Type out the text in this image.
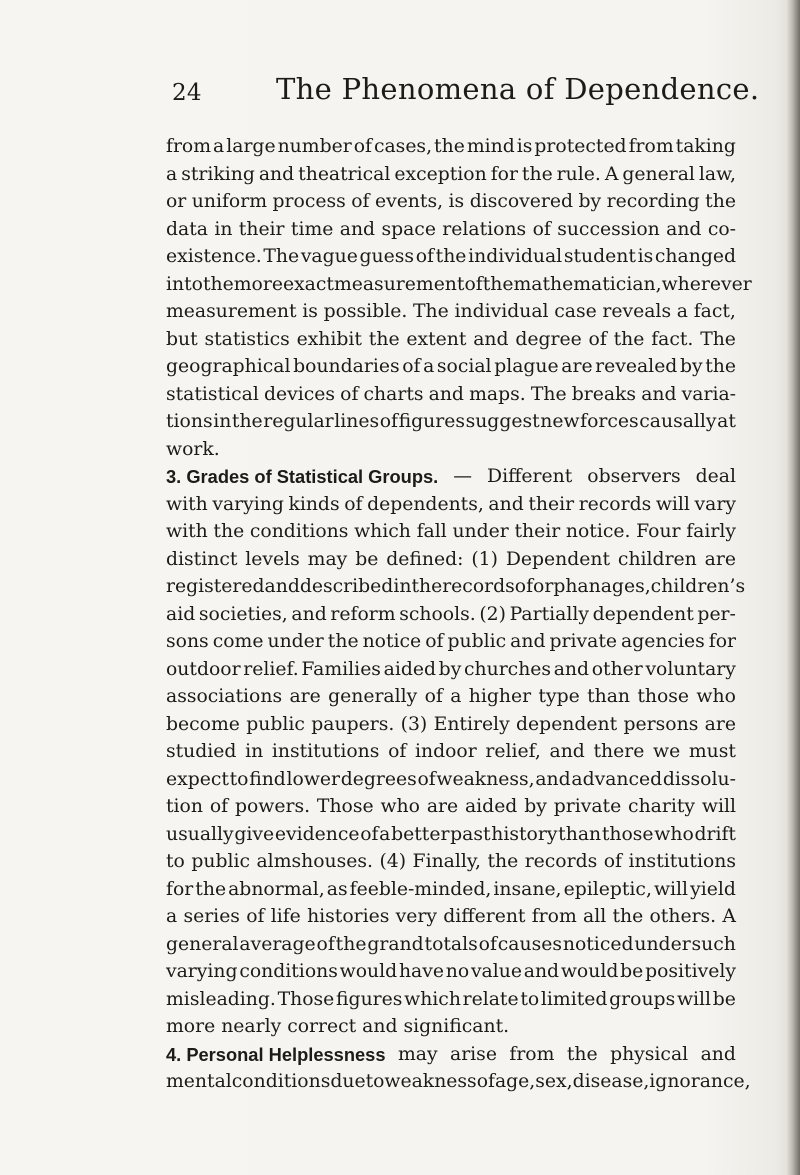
24	The Phenomena of Dependence.
from a large number of cases, the mind is protected from taking
a striking and theatrical exception for the rule. A general law,
or uniform process of events, is discovered by recording the
data in their time and space relations of succession and co-
existence. The vague guess of the individual student is changed
into the more exact measurement of the mathematician, wherever
measurement is possible. The individual case reveals a fact,
but statistics exhibit the extent and degree of the fact. The
geographical boundaries of a social plague are revealed by the
statistical devices of charts and maps. The breaks and varia-
tions in the regular lines of figures suggest new forces causally at
work.
3. Grades of Statistical Groups. — Different observers deal
with varying kinds of dependents, and their records will vary
with the conditions which fall under their notice. Four fairly
distinct levels may be defined: (1) Dependent children are
registered and described in the records of orphanages, children’s
aid societies, and reform schools. (2) Partially dependent per-
sons come under the notice of public and private agencies for
outdoor relief. Families aided by churches and other voluntary
associations are generally of a higher type than those who
become public paupers. (3) Entirely dependent persons are
studied in institutions of indoor relief, and there we must
expect to find lower degrees of weakness, and advanced dissolu-
tion of powers. Those who are aided by private charity will
usually give evidence of a better past history than those who drift
to public almshouses. (4) Finally, the records of institutions
for the abnormal, as feeble-minded, insane, epileptic, will yield
a series of life histories very different from all the others. A
general average of the grand totals of causes noticed under such
varying conditions would have no value and would be positively
misleading. Those figures which relate to limited groups will be
more
nearly
correct
and
significant.
4. Personal Helplessness may arise from the physical and
mental conditions due to weakness of age, sex, disease, ignorance,
